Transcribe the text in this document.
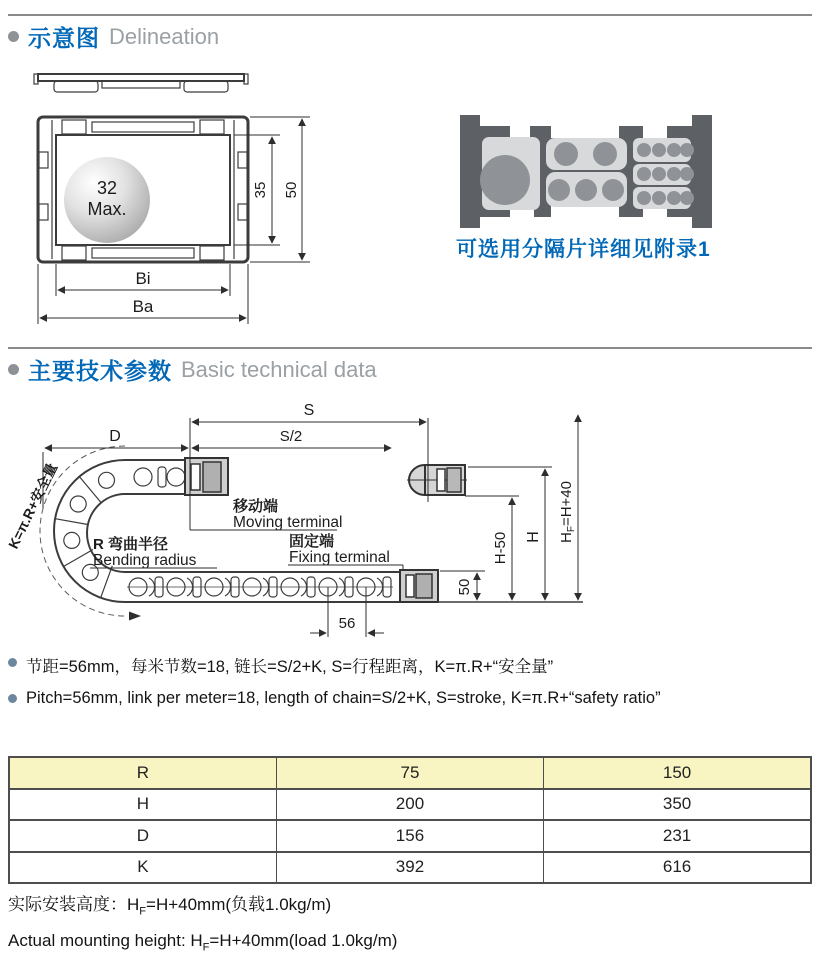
示意图 Delineation
32
Max.
35 50
Bi
Ba
可选用分隔片详细见附录1
主要技术参数 Basic technical data
S
S/2
D
K=π.R+安全量	移动端
Moving terminal
R 弯曲半径
Bending radius
固定端
Fixing terminal
56
50
H-50 H $H_F=H+40$
节距=56mm，每米节数=18, 链长=S/2+K, S=行程距离，K=π.R+“安全量”
Pitch=56mm, link per meter=18, length of chain=S/2+K, S=stroke, K=π.R+“safety ratio”
R	75	150
H	200	350
D	156	231
K	392	616
实际安装高度：$H_F=H+40mm$(负载1.0kg/m)
Actual mounting height: $H_F=H+40mm(load$ 1.0kg/m)
